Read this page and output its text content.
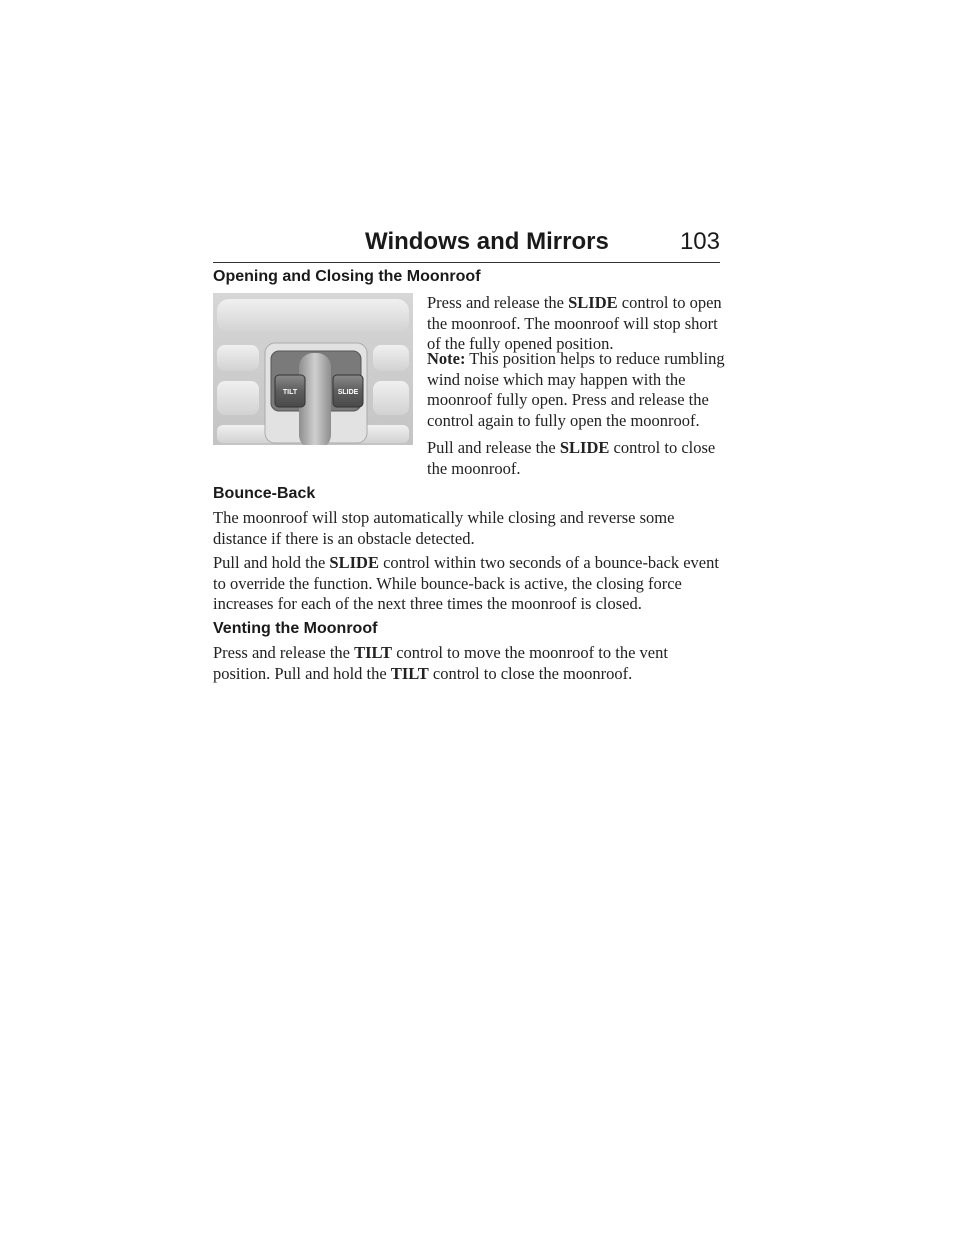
Windows and Mirrors	103
Opening and Closing the Moonroof
Press and release the SLIDE control to open the moonroof. The moonroof will stop short of the fully opened position.
Note: This position helps to reduce rumbling wind noise which may happen with the moonroof fully open. Press and release the control again to fully open the moonroof.
Pull and release the SLIDE control to close the moonroof.
TILT	SLIDE
Bounce-Back
The moonroof will stop automatically while closing and reverse some distance if there is an obstacle detected.
Pull and hold the SLIDE control within two seconds of a bounce-back event to override the function. While bounce-back is active, the closing force increases for each of the next three times the moonroof is closed.
Venting the Moonroof
Press and release the TILT control to move the moonroof to the vent position. Pull and hold the TILT control to close the moonroof.
